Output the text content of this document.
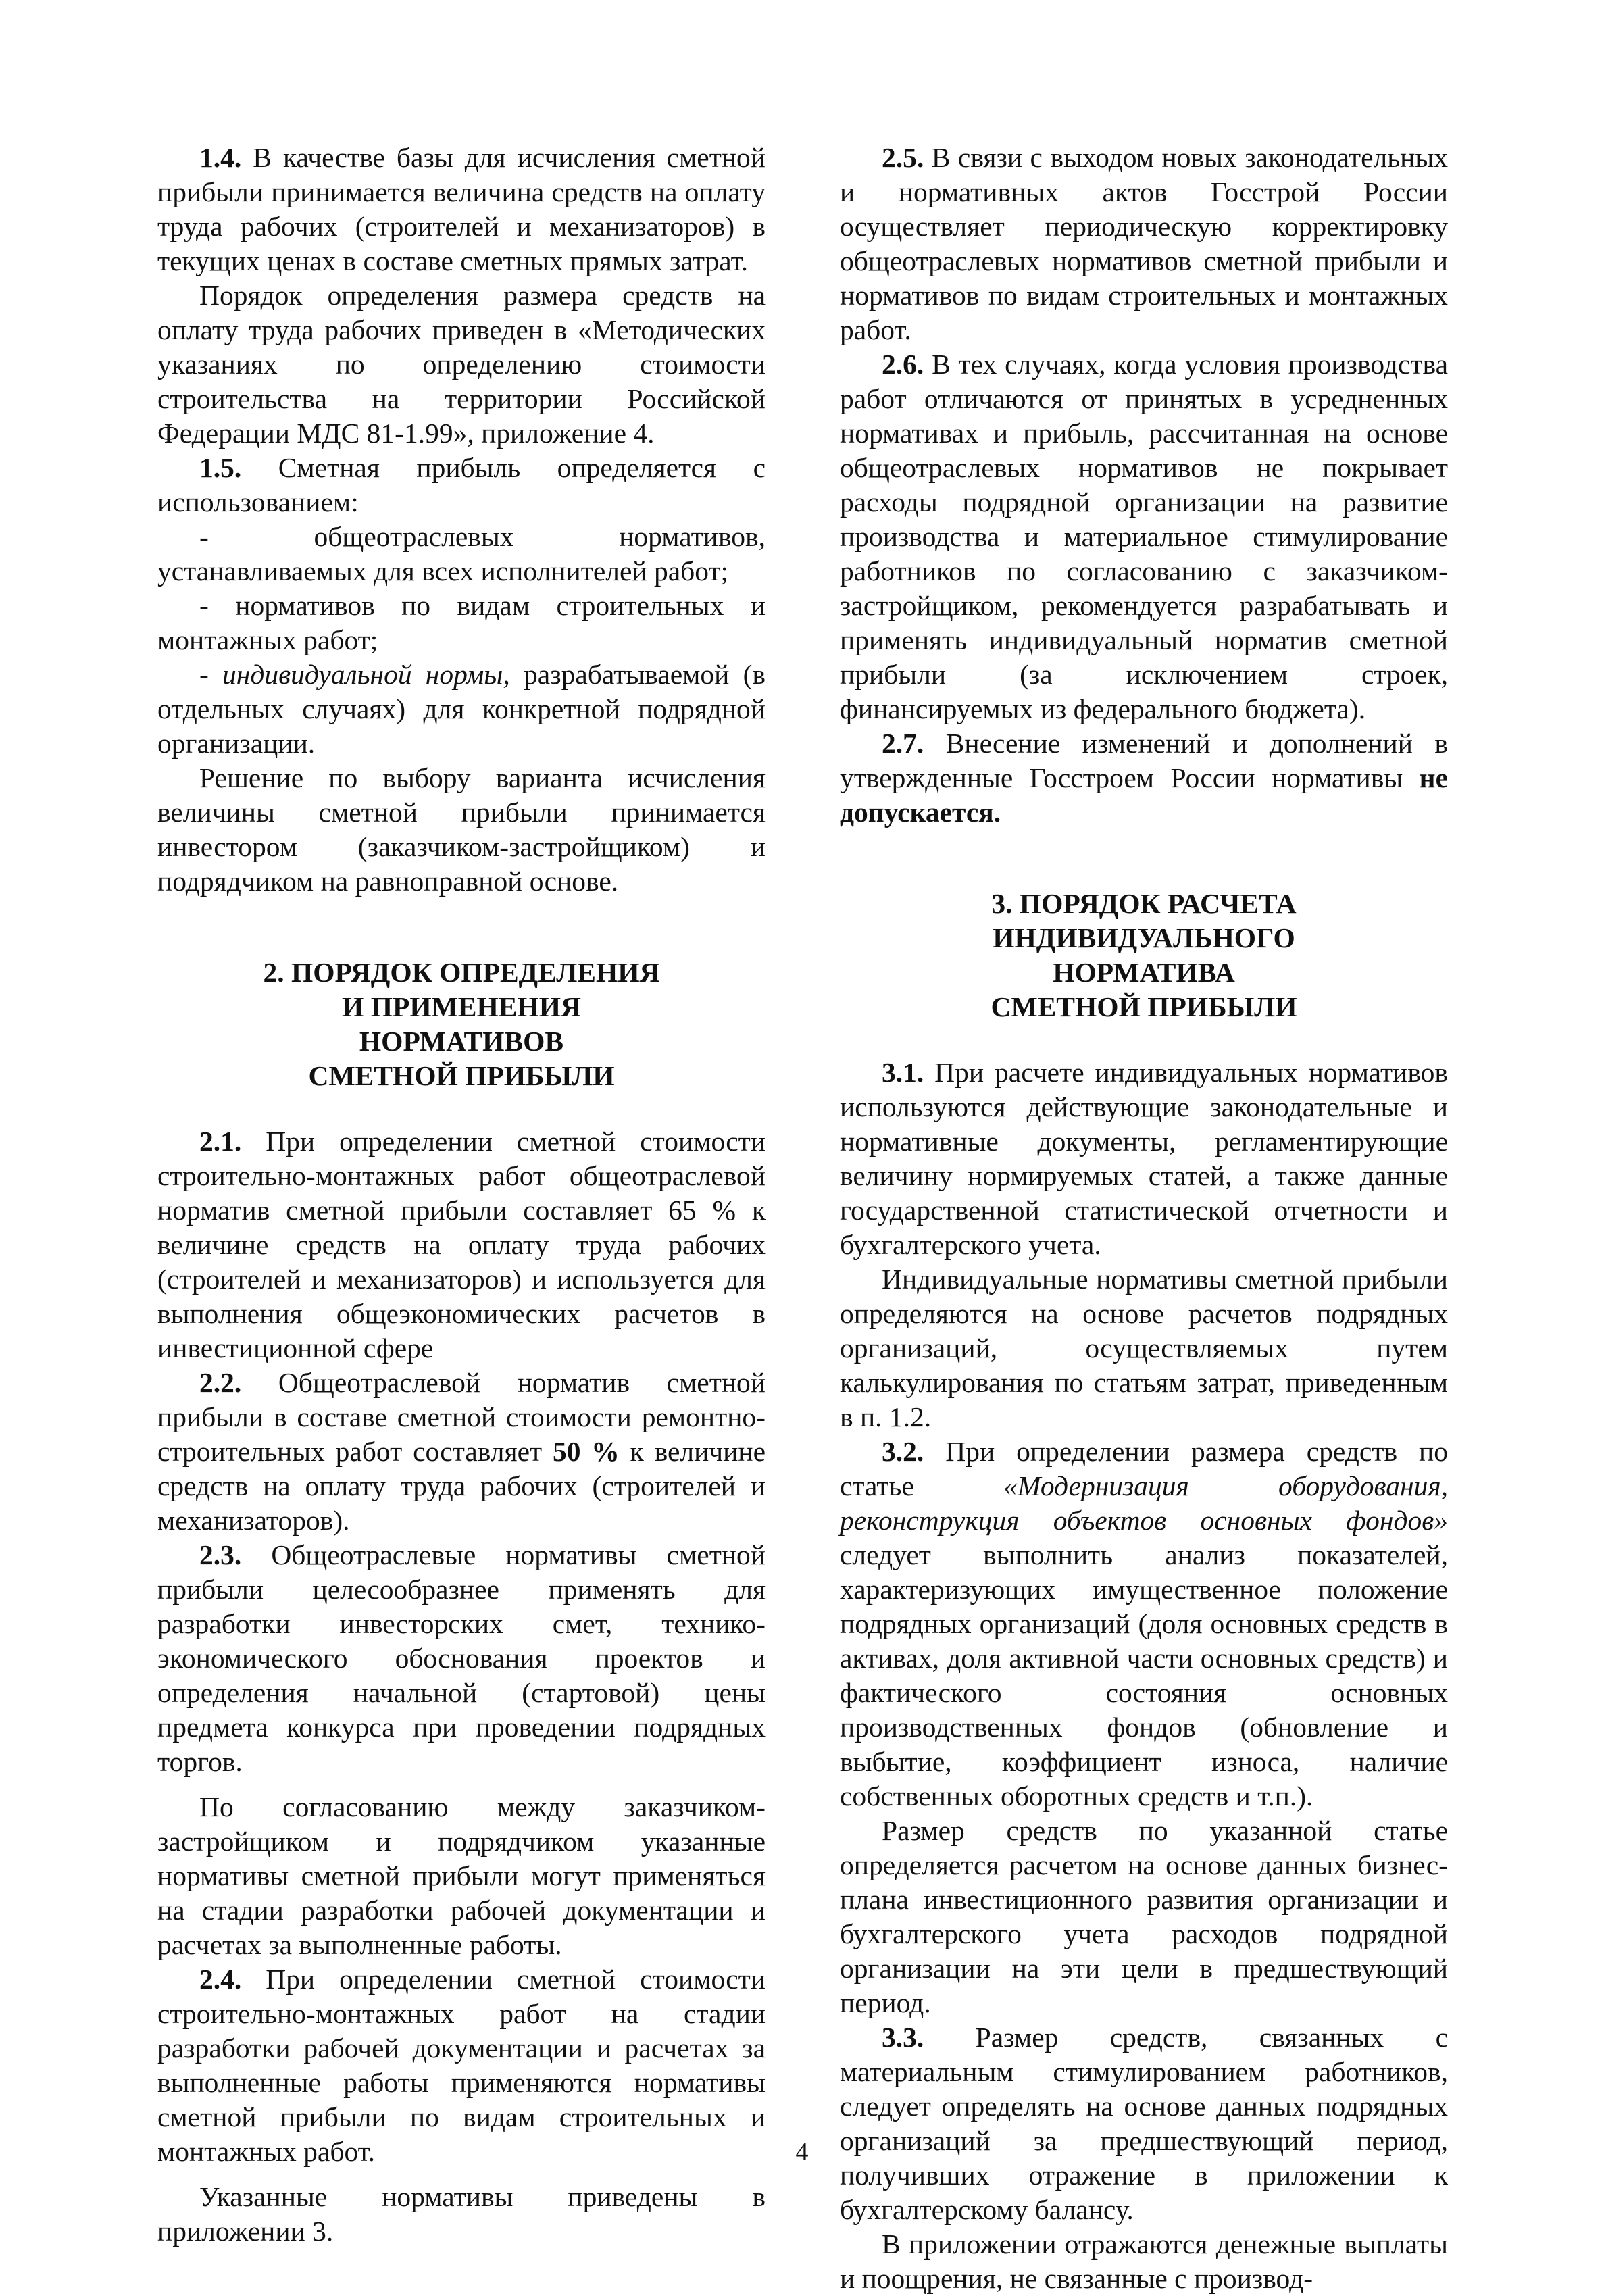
1.4. В качестве базы для исчисления сметной прибыли принимается величина средств на оплату труда рабочих (строителей и механизаторов) в текущих ценах в составе сметных прямых затрат.

Порядок определения размера средств на оплату труда рабочих приведен в «Методических указаниях по определению стоимости строительства на территории Российской Федерации МДС 81-1.99», приложение 4.

1.5. Сметная прибыль определяется с использованием:

- общеотраслевых нормативов, устанавливаемых для всех исполнителей работ;

- нормативов по видам строительных и монтажных работ;

- индивидуальной нормы, разрабатываемой (в отдельных случаях) для конкретной подрядной организации.

Решение по выбору варианта исчисления величины сметной прибыли принимается инвестором (заказчиком-застройщиком) и подрядчиком на равноправной основе.

2. ПОРЯДОК ОПРЕДЕЛЕНИЯ
И ПРИМЕНЕНИЯ
НОРМАТИВОВ
СМЕТНОЙ ПРИБЫЛИ

2.1. При определении сметной стоимости строительно-монтажных работ общеотраслевой норматив сметной прибыли составляет 65 % к величине средств на оплату труда рабочих (строителей и механизаторов) и используется для выполнения общеэкономических расчетов в инвестиционной сфере

2.2. Общеотраслевой норматив сметной прибыли в составе сметной стоимости ремонтно-строительных работ составляет 50 % к величине средств на оплату труда рабочих (строителей и механизаторов).

2.3. Общеотраслевые нормативы сметной прибыли целесообразнее применять для разработки инвесторских смет, технико-экономического обоснования проектов и определения начальной (стартовой) цены предмета конкурса при проведении подрядных торгов.

По согласованию между заказчиком-застройщиком и подрядчиком указанные нормативы сметной прибыли могут применяться на стадии разработки рабочей документации и расчетах за выполненные работы.

2.4. При определении сметной стоимости строительно-монтажных работ на стадии разработки рабочей документации и расчетах за выполненные работы применяются нормативы сметной прибыли по видам строительных и монтажных работ.

Указанные нормативы приведены в приложении 3.

2.5. В связи с выходом новых законодательных и нормативных актов Госстрой России осуществляет периодическую корректировку общеотраслевых нормативов сметной прибыли и нормативов по видам строительных и монтажных работ.

2.6. В тех случаях, когда условия производства работ отличаются от принятых в усредненных нормативах и прибыль, рассчитанная на основе общеотраслевых нормативов не покрывает расходы подрядной организации на развитие производства и материальное стимулирование работников по согласованию с заказчиком-застройщиком, рекомендуется разрабатывать и применять индивидуальный норматив сметной прибыли (за исключением строек, финансируемых из федерального бюджета).

2.7. Внесение изменений и дополнений в утвержденные Госстроем России нормативы не допускается.

3. ПОРЯДОК РАСЧЕТА
ИНДИВИДУАЛЬНОГО
НОРМАТИВА
СМЕТНОЙ ПРИБЫЛИ

3.1. При расчете индивидуальных нормативов используются действующие законодательные и нормативные документы, регламентирующие величину нормируемых статей, а также данные государственной статистической отчетности и бухгалтерского учета.

Индивидуальные нормативы сметной прибыли определяются на основе расчетов подрядных организаций, осуществляемых путем калькулирования по статьям затрат, приведенным в п. 1.2.

3.2. При определении размера средств по статье «Модернизация оборудования, реконструкция объектов основных фондов» следует выполнить анализ показателей, характеризующих имущественное положение подрядных организаций (доля основных средств в активах, доля активной части основных средств) и фактического состояния основных производственных фондов (обновление и выбытие, коэффициент износа, наличие собственных оборотных средств и т.п.).

Размер средств по указанной статье определяется расчетом на основе данных бизнес-плана инвестиционного развития организации и бухгалтерского учета расходов подрядной организации на эти цели в предшествующий период.

3.3. Размер средств, связанных с материальным стимулированием работников, следует определять на основе данных подрядных организаций за предшествующий период, получивших отражение в приложении к бухгалтерскому балансу.

В приложении отражаются денежные выплаты и поощрения, не связанные с производ-

4
